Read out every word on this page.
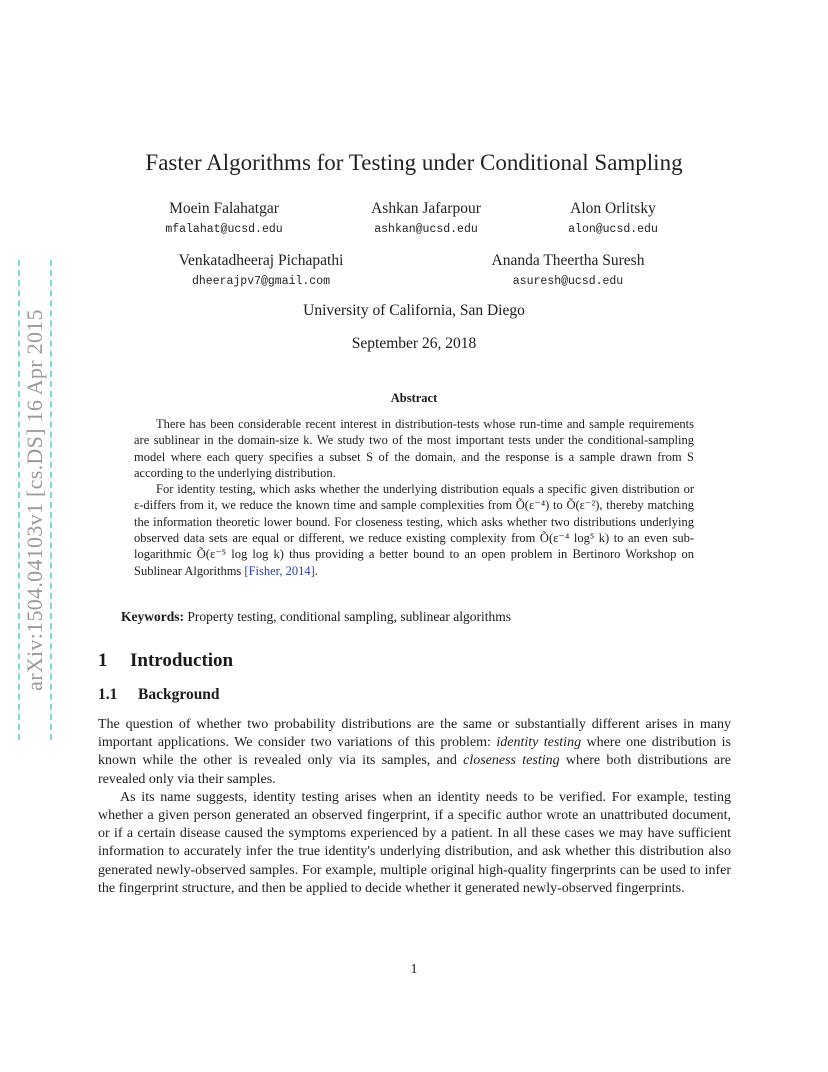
arXiv:1504.04103v1 [cs.DS] 16 Apr 2015
Faster Algorithms for Testing under Conditional Sampling
Moein Falahatgar
mfalahat@ucsd.edu
Ashkan Jafarpour
ashkan@ucsd.edu
Alon Orlitsky
alon@ucsd.edu
Venkatadheeraj Pichapathi
dheerajpv7@gmail.com
Ananda Theertha Suresh
asuresh@ucsd.edu
University of California, San Diego
September 26, 2018
Abstract

There has been considerable recent interest in distribution-tests whose run-time and sample requirements are sublinear in the domain-size k. We study two of the most important tests under the conditional-sampling model where each query specifies a subset S of the domain, and the response is a sample drawn from S according to the underlying distribution.

For identity testing, which asks whether the underlying distribution equals a specific given distribution or ε-differs from it, we reduce the known time and sample complexities from Õ(ε⁻⁴) to Õ(ε⁻²), thereby matching the information theoretic lower bound. For closeness testing, which asks whether two distributions underlying observed data sets are equal or different, we reduce existing complexity from Õ(ε⁻⁴ log⁵ k) to an even sub-logarithmic Õ(ε⁻⁵ log log k) thus providing a better bound to an open problem in Bertinoro Workshop on Sublinear Algorithms [Fisher, 2014].

Keywords: Property testing, conditional sampling, sublinear algorithms
1 Introduction
1.1 Background

The question of whether two probability distributions are the same or substantially different arises in many important applications. We consider two variations of this problem: identity testing where one distribution is known while the other is revealed only via its samples, and closeness testing where both distributions are revealed only via their samples.

As its name suggests, identity testing arises when an identity needs to be verified. For example, testing whether a given person generated an observed fingerprint, if a specific author wrote an unattributed document, or if a certain disease caused the symptoms experienced by a patient. In all these cases we may have sufficient information to accurately infer the true identity's underlying distribution, and ask whether this distribution also generated newly-observed samples. For example, multiple original high-quality fingerprints can be used to infer the fingerprint structure, and then be applied to decide whether it generated newly-observed fingerprints.

1
